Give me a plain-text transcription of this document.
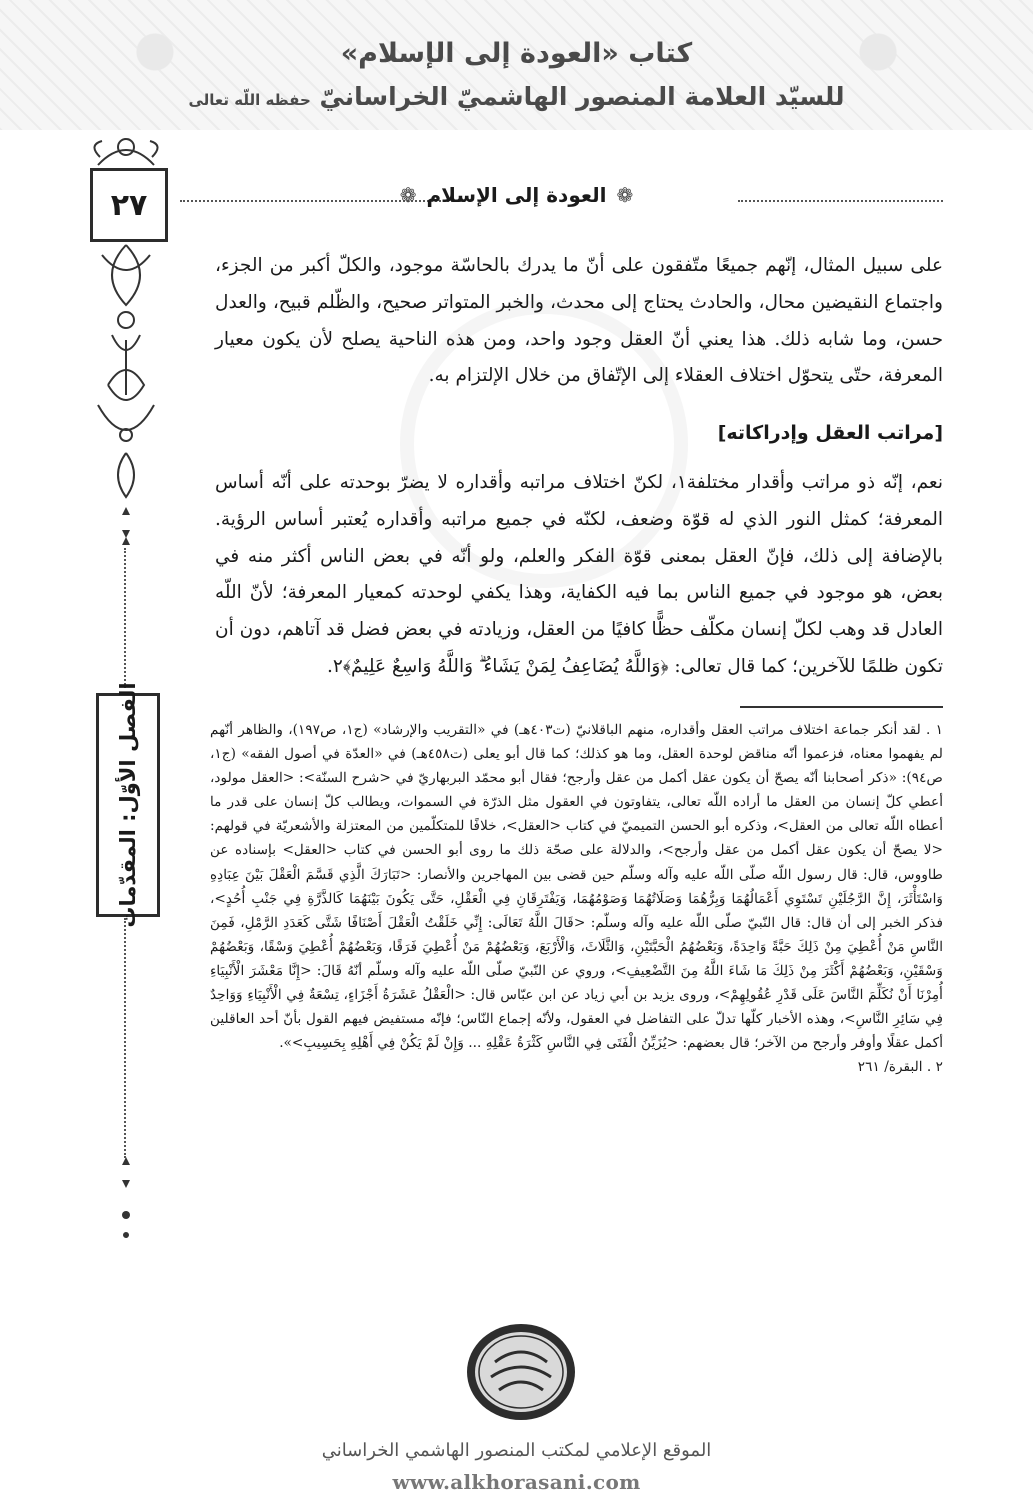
كتاب «العودة إلى الإسلام»
للسيّد العلامة المنصور الهاشميّ الخراسانيّ حفظه اللّه تعالى
٢٧
الفصل الأوّل: المقدّمات
❁العودة إلى الإسلام❁

على سبيل المثال، إنّهم جميعًا متّفقون على أنّ ما يدرك بالحاسّة موجود، والكلّ أكبر من الجزء، واجتماع النقيضين محال، والحادث يحتاج إلى محدث، والخبر المتواتر صحيح، والظّلم قبيح، والعدل حسن، وما شابه ذلك. هذا يعني أنّ العقل وجود واحد، ومن هذه الناحية يصلح لأن يكون معيار المعرفة، حتّى يتحوّل اختلاف العقلاء إلى الإتّفاق من خلال الإلتزام به.

[مراتب العقل وإدراكاته]

نعم، إنّه ذو مراتب وأقدار مختلفة١، لكنّ اختلاف مراتبه وأقداره لا يضرّ بوحدته على أنّه أساس المعرفة؛ كمثل النور الذي له قوّة وضعف، لكنّه في جميع مراتبه وأقداره يُعتبر أساس الرؤية. بالإضافة إلى ذلك، فإنّ العقل بمعنى قوّة الفكر والعلم، ولو أنّه في بعض الناس أكثر منه في بعض، هو موجود في جميع الناس بما فيه الكفاية، وهذا يكفي لوحدته كمعيار المعرفة؛ لأنّ اللّه العادل قد وهب لكلّ إنسان مكلّف حظًّا كافيًا من العقل، وزيادته في بعض فضل قد آتاهم، دون أن تكون ظلمًا للآخرين؛ كما قال تعالى: ﴿وَاللَّهُ يُضَاعِفُ لِمَنْ يَشَاءُ ۗ وَاللَّهُ وَاسِعٌ عَلِيمٌ﴾٢.

١ . لقد أنكر جماعة اختلاف مراتب العقل وأقداره، منهم الباقلانيّ (ت٤٠٣هـ) في «التقريب والإرشاد» (ج١، ص١٩٧)، والظاهر أنّهم لم يفهموا معناه، فزعموا أنّه مناقض لوحدة العقل، وما هو كذلك؛ كما قال أبو يعلى (ت٤٥٨هـ) في «العدّة في أصول الفقه» (ج١، ص٩٤): «ذكر أصحابنا أنّه يصحّ أن يكون عقل أكمل من عقل وأرجح؛ فقال أبو محمّد البربهاريّ في <شرح السنّة>: <العقل مولود، أعطي كلّ إنسان من العقل ما أراده اللّه تعالى، يتفاوتون في العقول مثل الذرّة في السموات، ويطالب كلّ إنسان على قدر ما أعطاه اللّه تعالى من العقل>، وذكره أبو الحسن التميميّ في كتاب <العقل>، خلافًا للمتكلّمين من المعتزلة والأشعريّة في قولهم: <لا يصحّ أن يكون عقل أكمل من عقل وأرجح>، والدلالة على صحّة ذلك ما روى أبو الحسن في كتاب <العقل> بإسناده عن طاووس، قال: قال رسول اللّه صلّى اللّه عليه وآله وسلّم حين قضى بين المهاجرين والأنصار: <تَبَارَكَ الَّذِي قَسَّمَ الْعَقْلَ بَيْنَ عِبَادِهِ وَاسْتَأْثَرَ، إِنَّ الرَّجُلَيْنِ تَسْتَوِي أَعْمَالُهُمَا وَبِرُّهُمَا وَصَلَاتُهُمَا وَصَوْمُهُمَا، وَيَفْتَرِقَانِ فِي الْعَقْلِ، حَتَّى يَكُونَ بَيْنَهُمَا كَالذَّرَّةِ فِي جَنْبِ أُحُدٍ>، فذكر الخبر إلى أن قال: قال النّبيّ صلّى اللّه عليه وآله وسلّم: <قَالَ اللَّهُ تَعَالَى: إِنِّي خَلَقْتُ الْعَقْلَ أَصْنَافًا شَتَّى كَعَدَدِ الرَّمْلِ، فَمِنَ النَّاسِ مَنْ أُعْطِيَ مِنْ ذَلِكَ حَبَّةً وَاحِدَةً، وَبَعْضُهُمُ الْحَبَّتَيْنِ، وَالثَّلَاثَ، وَالْأَرْبَعَ، وَبَعْضُهُمْ مَنْ أُعْطِيَ فَرَقًا، وَبَعْضُهُمْ أُعْطِيَ وَسْقًا، وَبَعْضُهُمْ وَسْقَيْنِ، وَبَعْضُهُمْ أَكْثَرَ مِنْ ذَلِكَ مَا شَاءَ اللَّهُ مِنَ التَّضْعِيفِ>، وروي عن النّبيّ صلّى اللّه عليه وآله وسلّم أنّهُ قَالَ: <إِنَّا مَعْشَرَ الْأَنْبِيَاءِ أُمِرْنَا أَنْ نُكَلِّمَ النَّاسَ عَلَى قَدْرِ عُقُولِهِمْ>، وروى يزيد بن أبي زياد عن ابن عبّاس قال: <الْعَقْلُ عَشَرَةُ أَجْزَاءٍ، تِسْعَةٌ فِي الْأَنْبِيَاءِ وَوَاحِدٌ فِي سَائِرِ النَّاسِ>، وهذه الأخبار كلّها تدلّ على التفاضل في العقول، ولأنّه إجماع النّاس؛ فإنّه مستفيض فيهم القول بأنّ أحد العاقلين أكمل عقلًا وأوفر وأرجح من الآخر؛ قال بعضهم: <يُزَيِّنُ الْفَتَى فِي النَّاسِ كَثْرَةُ عَقْلِهِ ... وَإِنْ لَمْ يَكُنْ فِي أَهْلِهِ بِحَسِيبِ>».

٢ . البقرة/ ٢٦١

الموقع الإعلامي لمكتب المنصور الهاشمي الخراساني
www.alkhorasani.com
